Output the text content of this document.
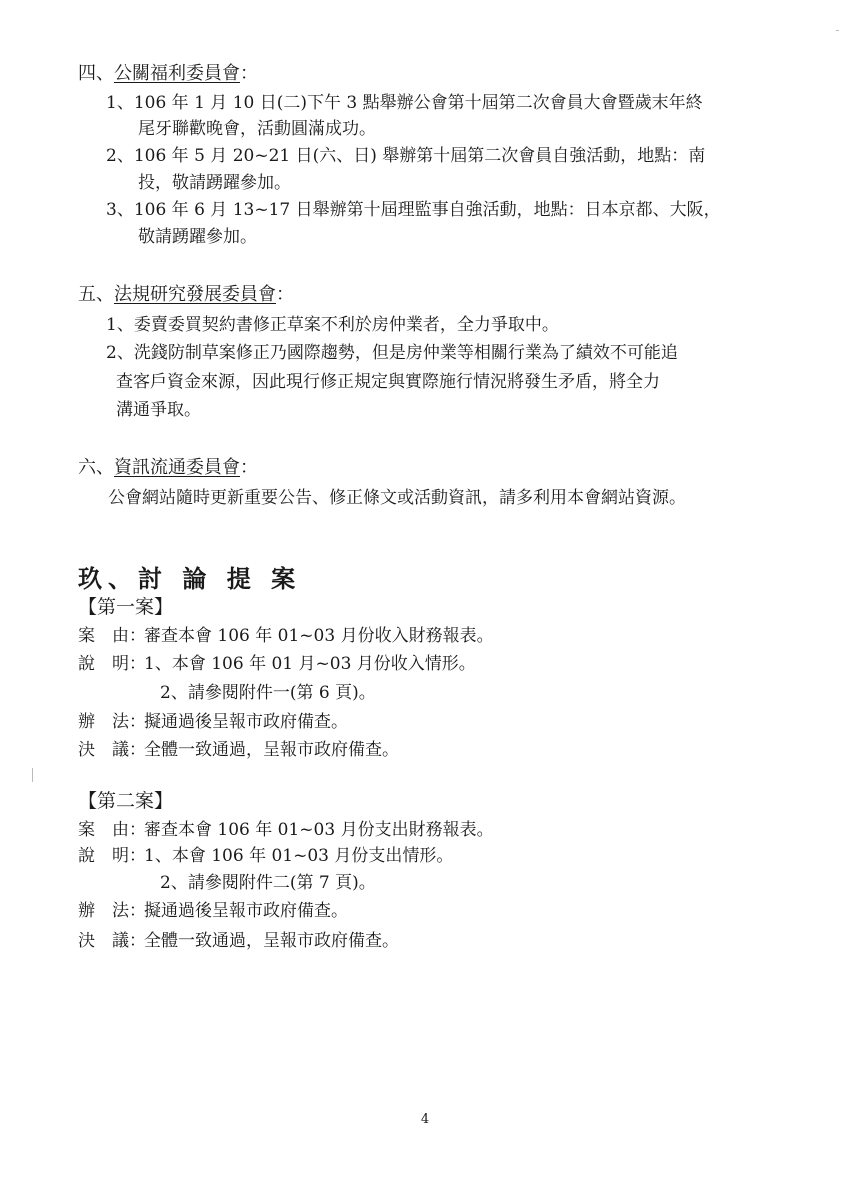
四、公關福利委員會：
1、106 年 1 月 10 日(二)下午 3 點舉辦公會第十屆第二次會員大會暨歲末年終
尾牙聯歡晚會，活動圓滿成功。
2、106 年 5 月 20~21 日(六、日) 舉辦第十屆第二次會員自強活動，地點：南
投，敬請踴躍參加。
3、106 年 6 月 13~17 日舉辦第十屆理監事自強活動，地點：日本京都、大阪，
敬請踴躍參加。
五、法規研究發展委員會：
1、委賣委買契約書修正草案不利於房仲業者，全力爭取中。
2、洗錢防制草案修正乃國際趨勢，但是房仲業等相關行業為了績效不可能追
查客戶資金來源，因此現行修正規定與實際施行情況將發生矛盾，將全力
溝通爭取。
六、資訊流通委員會：
公會網站隨時更新重要公告、修正條文或活動資訊，請多利用本會網站資源。
玖、討 論 提 案
【第一案】
案　由：審查本會 106 年 01~03 月份收入財務報表。
說　明：1、本會 106 年 01 月~03 月份收入情形。
2、請參閱附件一(第 6 頁)。
辦　法：擬通過後呈報市政府備查。
決　議：全體一致通過，呈報市政府備查。
【第二案】
案　由：審查本會 106 年 01~03 月份支出財務報表。
說　明：1、本會 106 年 01~03 月份支出情形。
2、請參閱附件二(第 7 頁)。
辦　法：擬通過後呈報市政府備查。
決　議：全體一致通過，呈報市政府備查。
4
